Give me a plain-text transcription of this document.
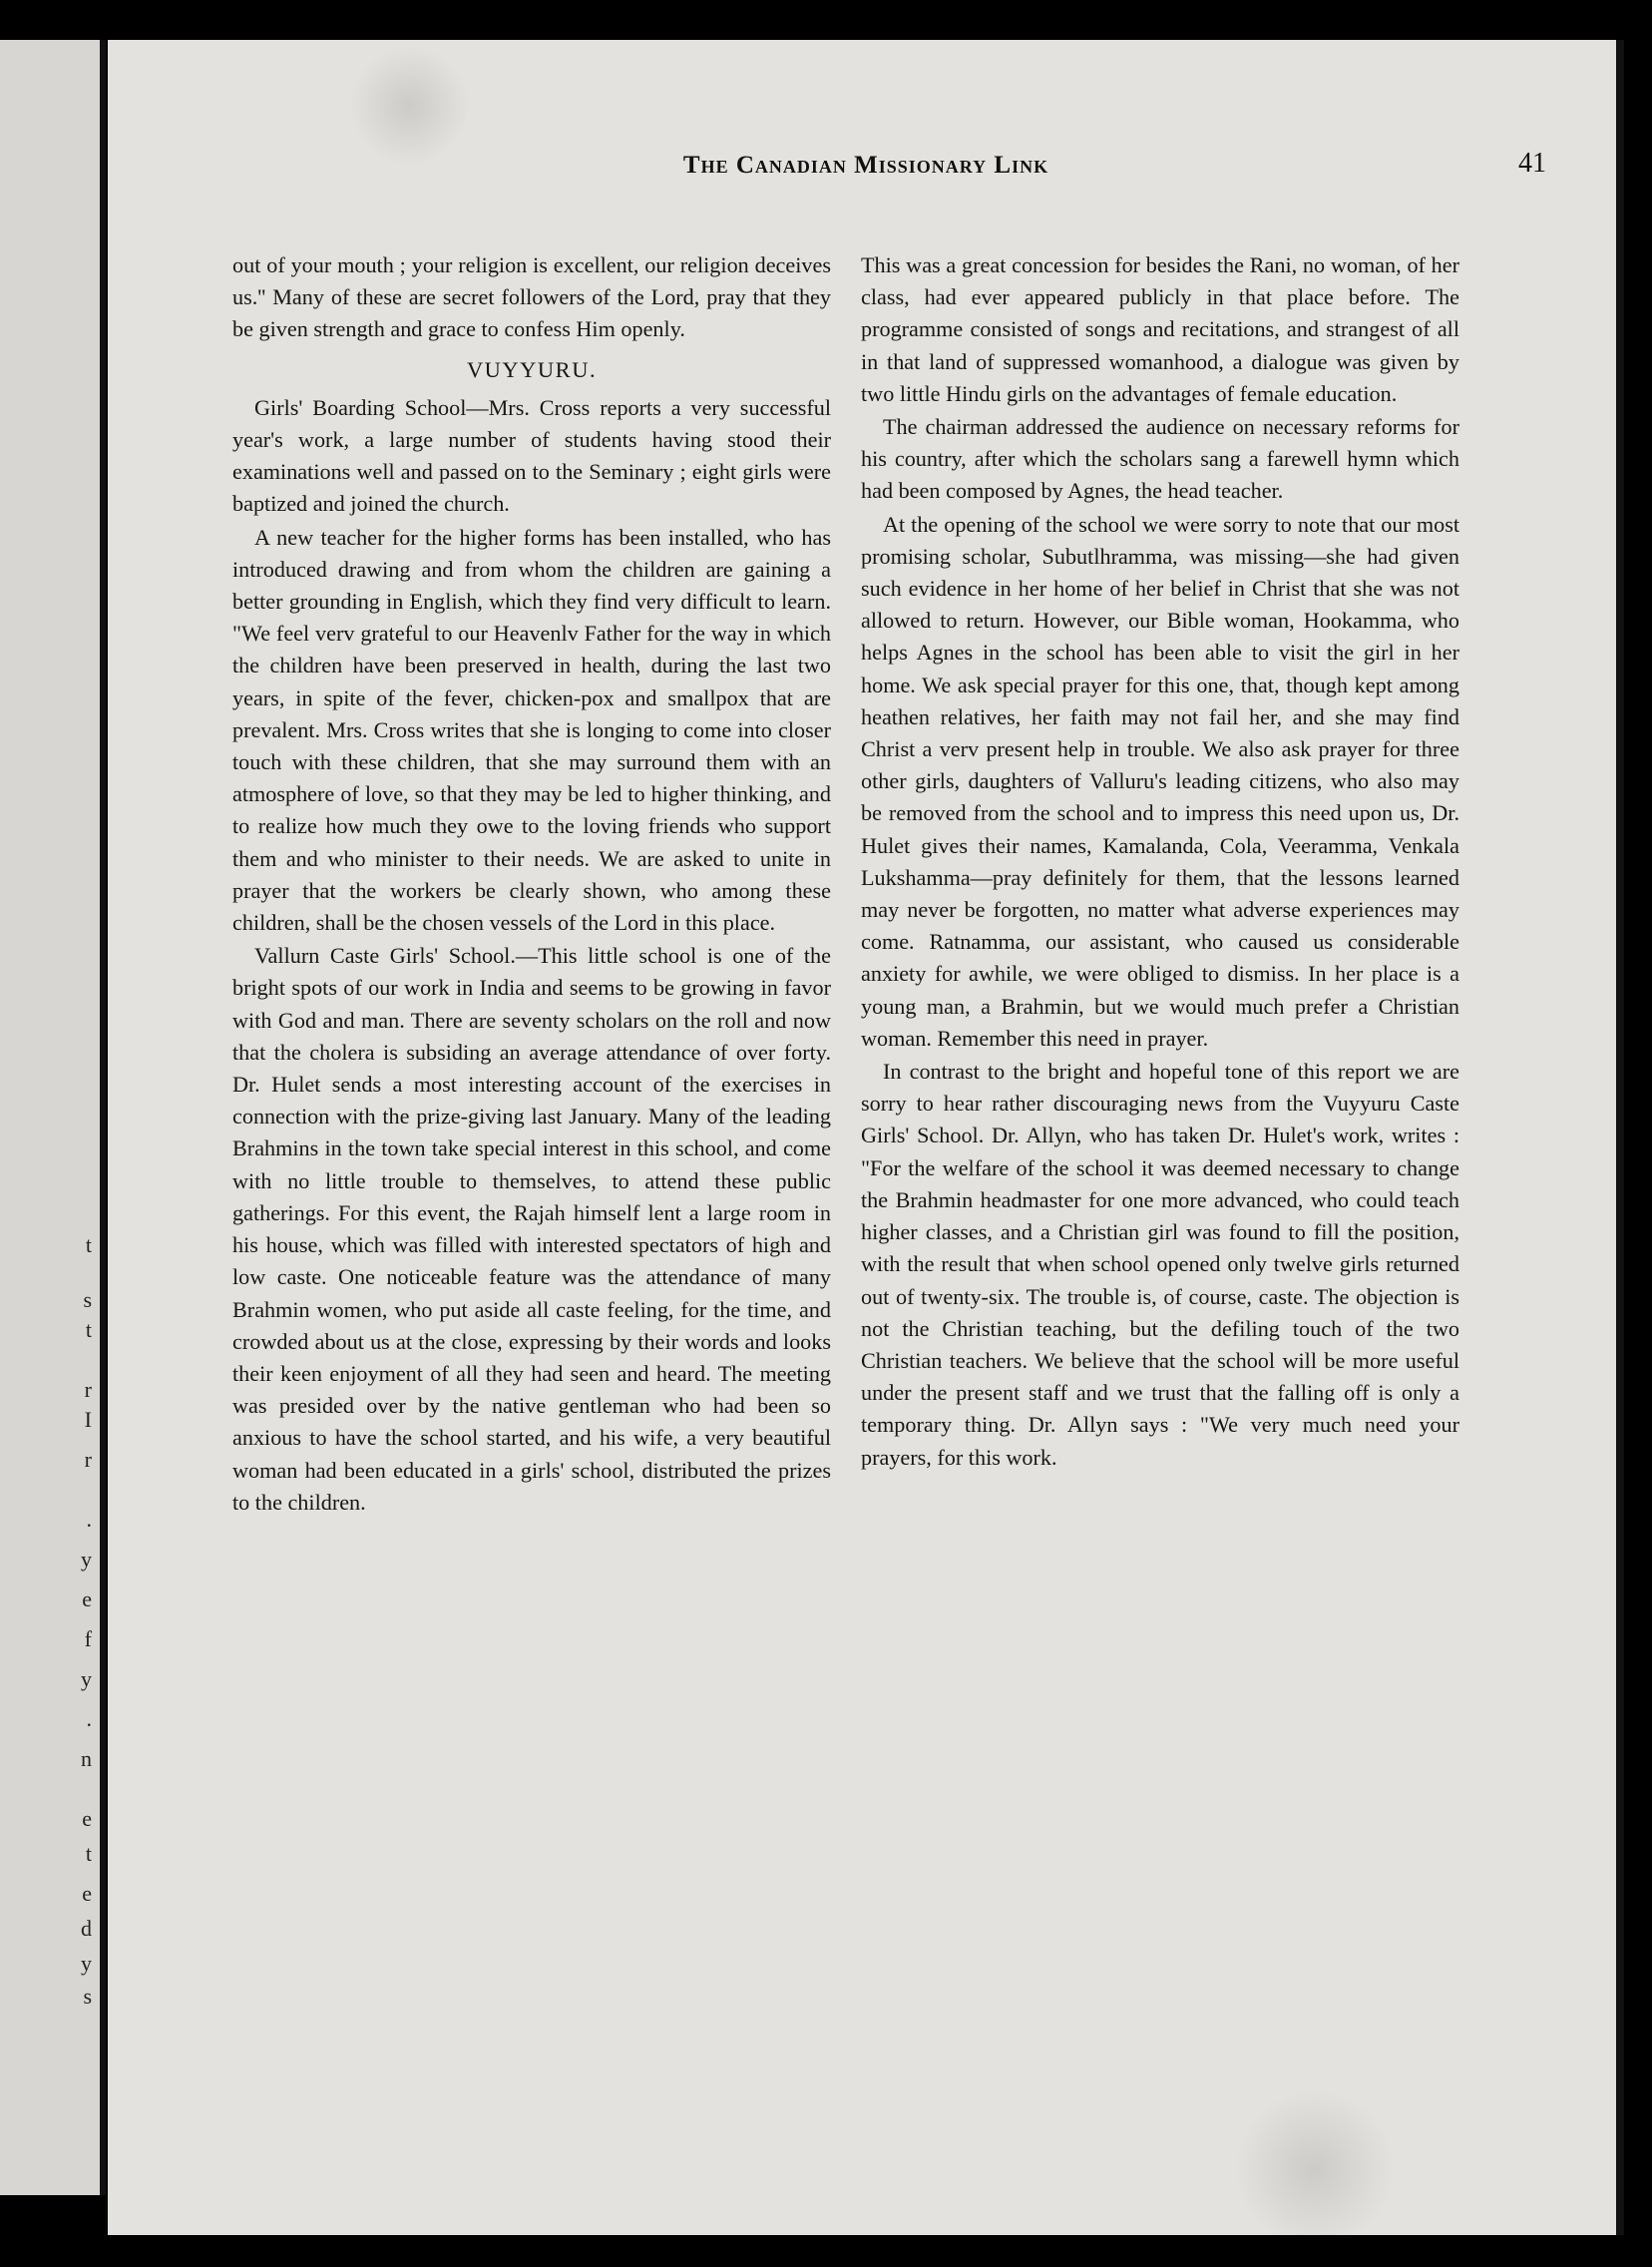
t
s
t
r
I
r
.
y
e
f
y
.
n
e
t
e
d
y
s
The Canadian Missionary Link	41

out of your mouth ; your religion is excellent, our religion deceives us.'' Many of these are secret followers of the Lord, pray that they be given strength and grace to confess Him openly.

VUYYURU.

Girls' Boarding School—Mrs. Cross reports a very successful year's work, a large number of students having stood their examinations well and passed on to the Seminary ; eight girls were baptized and joined the church.

A new teacher for the higher forms has been installed, who has introduced drawing and from whom the children are gaining a better grounding in English, which they find very difficult to learn. "We feel verv grateful to our Heavenlv Father for the way in which the children have been preserved in health, during the last two years, in spite of the fever, chicken-pox and smallpox that are prevalent. Mrs. Cross writes that she is longing to come into closer touch with these children, that she may surround them with an atmosphere of love, so that they may be led to higher thinking, and to realize how much they owe to the loving friends who support them and who minister to their needs. We are asked to unite in prayer that the workers be clearly shown, who among these children, shall be the chosen vessels of the Lord in this place.

Vallurn Caste Girls' School.—This little school is one of the bright spots of our work in India and seems to be growing in favor with God and man. There are seventy scholars on the roll and now that the cholera is subsiding an average attendance of over forty. Dr. Hulet sends a most interesting account of the exercises in connection with the prize-giving last January. Many of the leading Brahmins in the town take special interest in this school, and come with no little trouble to themselves, to attend these public gatherings. For this event, the Rajah himself lent a large room in his house, which was filled with interested spectators of high and low caste. One noticeable feature was the attendance of many Brahmin women, who put aside all caste feeling, for the time, and crowded about us at the close, expressing by their words and looks their keen enjoyment of all they had seen and heard. The meeting was presided over by the native gentleman who had been so anxious to have the school started, and his wife, a very beautiful woman had been educated in a girls' school, distributed the prizes to the children.

This was a great concession for besides the Rani, no woman, of her class, had ever appeared publicly in that place before. The programme consisted of songs and recitations, and strangest of all in that land of suppressed womanhood, a dialogue was given by two little Hindu girls on the advantages of female education.

The chairman addressed the audience on necessary reforms for his country, after which the scholars sang a farewell hymn which had been composed by Agnes, the head teacher.

At the opening of the school we were sorry to note that our most promising scholar, Subutlhramma, was missing—she had given such evidence in her home of her belief in Christ that she was not allowed to return. However, our Bible woman, Hookamma, who helps Agnes in the school has been able to visit the girl in her home. We ask special prayer for this one, that, though kept among heathen relatives, her faith may not fail her, and she may find Christ a verv present help in trouble. We also ask prayer for three other girls, daughters of Valluru's leading citizens, who also may be removed from the school and to impress this need upon us, Dr. Hulet gives their names, Kamalanda, Cola, Veeramma, Venkala Lukshamma—pray definitely for them, that the lessons learned may never be forgotten, no matter what adverse experiences may come. Ratnamma, our assistant, who caused us considerable anxiety for awhile, we were obliged to dismiss. In her place is a young man, a Brahmin, but we would much prefer a Christian woman. Remember this need in prayer.

In contrast to the bright and hopeful tone of this report we are sorry to hear rather discouraging news from the Vuyyuru Caste Girls' School. Dr. Allyn, who has taken Dr. Hulet's work, writes : "For the welfare of the school it was deemed necessary to change the Brahmin headmaster for one more advanced, who could teach higher classes, and a Christian girl was found to fill the position, with the result that when school opened only twelve girls returned out of twenty-six. The trouble is, of course, caste. The objection is not the Christian teaching, but the defiling touch of the two Christian teachers. We believe that the school will be more useful under the present staff and we trust that the falling off is only a temporary thing. Dr. Allyn says : "We very much need your prayers, for this work.
